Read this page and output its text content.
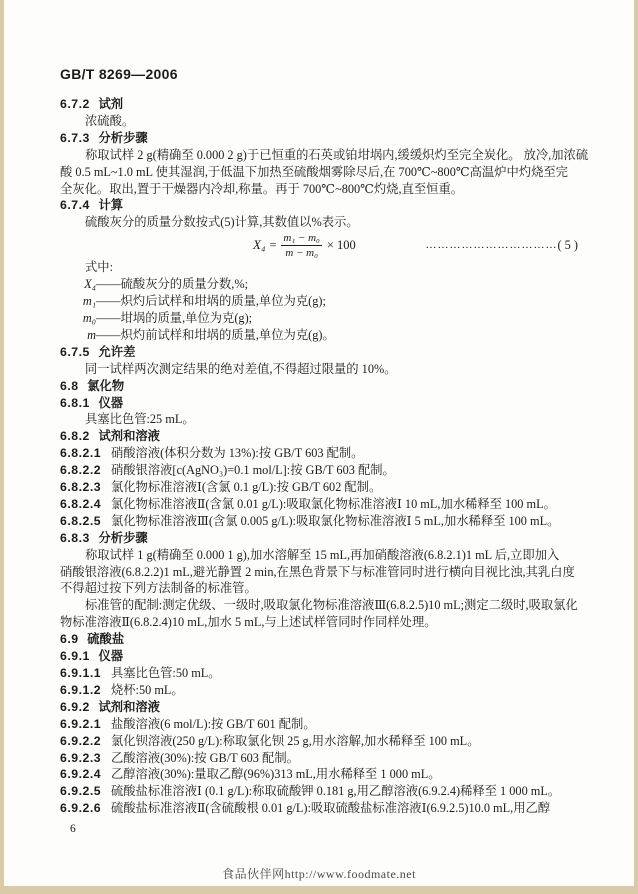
GB/T 8269—2006
6.7.2 试剂
浓硫酸。
6.7.3 分析步骤
称取试样 2 g(精确至 0.000 2 g)于已恒重的石英或铂坩埚内,缓缓炽灼至完全炭化。 放冷,加浓硫
酸 0.5 mL~1.0 mL 使其湿润,于低温下加热至硫酸烟雾除尽后,在 700℃~800℃高温炉中灼烧至完
全灰化。取出,置于干燥器内冷却,称量。再于 700℃~800℃灼烧,直至恒重。
6.7.4 计算
硫酸灰分的质量分数按式(5)计算,其数值以%表示。
$X_4 = \frac{\text{m₁ − m₀}}{\text{m − m₀}} \times 100$	…………………………… ( 5 )
式中:
X₄——硫酸灰分的质量分数,%;
m₁——炽灼后试样和坩埚的质量,单位为克(g);
m₀——坩埚的质量,单位为克(g);
m——炽灼前试样和坩埚的质量,单位为克(g)。
6.7.5 允许差
同一试样两次测定结果的绝对差值,不得超过限量的 10%。
6.8 氯化物
6.8.1 仪器
具塞比色管:25 mL。
6.8.2 试剂和溶液
6.8.2.1 硝酸溶液(体积分数为 13%):按 GB/T 603 配制。
6.8.2.2 硝酸银溶液[c(AgNO₃)=0.1 mol/L]:按 GB/T 603 配制。
6.8.2.3 氯化物标准溶液Ⅰ(含氯 0.1 g/L):按 GB/T 602 配制。
6.8.2.4 氯化物标准溶液Ⅱ(含氯 0.01 g/L):吸取氯化物标准溶液Ⅰ 10 mL,加水稀释至 100 mL。
6.8.2.5 氯化物标准溶液Ⅲ(含氯 0.005 g/L):吸取氯化物标准溶液Ⅰ 5 mL,加水稀释至 100 mL。
6.8.3 分析步骤
称取试样 1 g(精确至 0.000 1 g),加水溶解至 15 mL,再加硝酸溶液(6.8.2.1)1 mL 后,立即加入
硝酸银溶液(6.8.2.2)1 mL,避光静置 2 min,在黑色背景下与标准管同时进行横向目视比浊,其乳白度
不得超过按下列方法制备的标准管。
标准管的配制:测定优级、一级时,吸取氯化物标准溶液Ⅲ(6.8.2.5)10 mL;测定二级时,吸取氯化
物标准溶液Ⅱ(6.8.2.4)10 mL,加水 5 mL,与上述试样管同时作同样处理。
6.9 硫酸盐
6.9.1 仪器
6.9.1.1 具塞比色管:50 mL。
6.9.1.2 烧杯:50 mL。
6.9.2 试剂和溶液
6.9.2.1 盐酸溶液(6 mol/L):按 GB/T 601 配制。
6.9.2.2 氯化钡溶液(250 g/L):称取氯化钡 25 g,用水溶解,加水稀释至 100 mL。
6.9.2.3 乙酸溶液(30%):按 GB/T 603 配制。
6.9.2.4 乙醇溶液(30%):量取乙醇(96%)313 mL,用水稀释至 1 000 mL。
6.9.2.5 硫酸盐标准溶液Ⅰ (0.1 g/L):称取硫酸钾 0.181 g,用乙醇溶液(6.9.2.4)稀释至 1 000 mL。
6.9.2.6 硫酸盐标准溶液Ⅱ(含硫酸根 0.01 g/L):吸取硫酸盐标准溶液Ⅰ(6.9.2.5)10.0 mL,用乙醇
6
食品伙伴网http://www.foodmate.net
